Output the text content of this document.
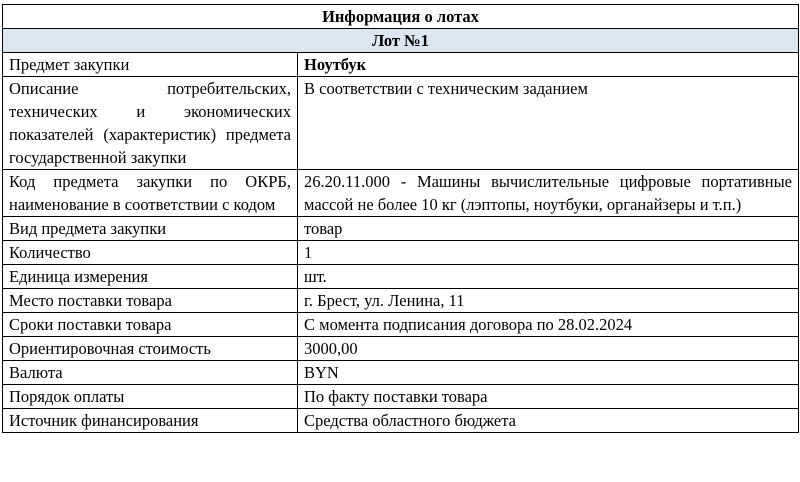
Информация о лотах	
Лот №1	
Предмет закупки	Ноутбук
Описание потребительских, технических и экономических показателей (характеристик) предмета государственной закупки	В соответствии с техническим заданием
Код предмета закупки по ОКРБ, наименование в соответствии с кодом	26.20.11.000 - Машины вычислительные цифровые портативные массой не более 10 кг (лэптопы, ноутбуки, органайзеры и т.п.)
Вид предмета закупки	товар
Количество	1
Единица измерения	шт.
Место поставки товара	г. Брест, ул. Ленина, 11
Сроки поставки товара	С момента подписания договора по 28.02.2024
Ориентировочная стоимость	3000,00
Валюта	BYN
Порядок оплаты	По факту поставки товара
Источник финансирования	Средства областного бюджета
